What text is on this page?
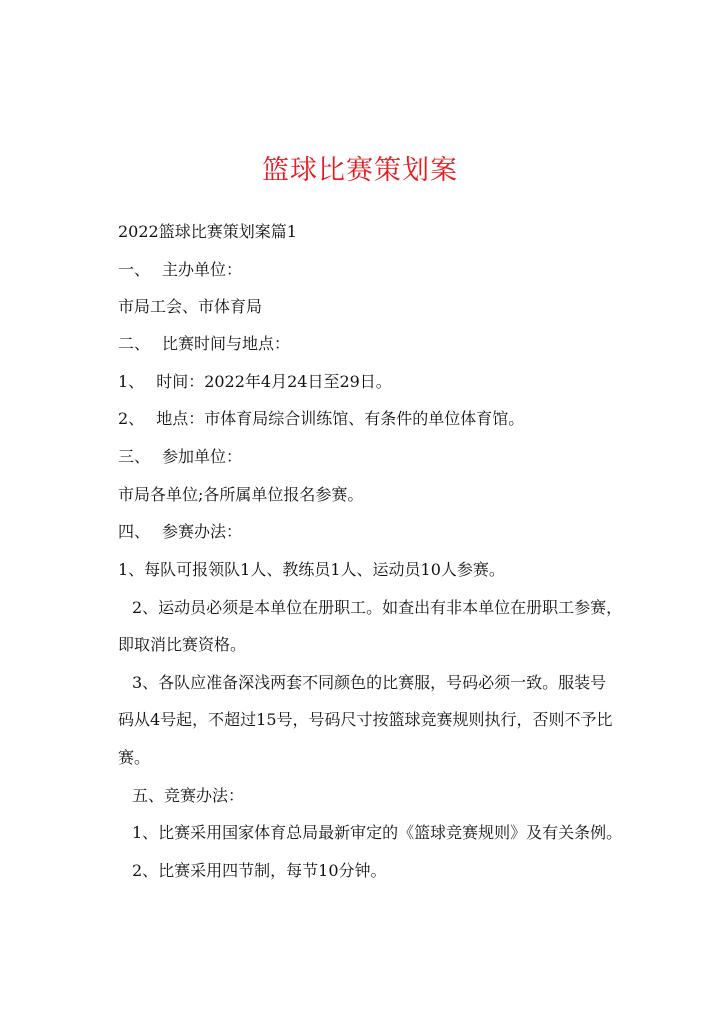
篮球比赛策划案
2022篮球比赛策划案篇1
一、 主办单位：
市局工会、市体育局
二、 比赛时间与地点：
1、 时间：2022年4月24日至29日。
2、 地点：市体育局综合训练馆、有条件的单位体育馆。
三、 参加单位：
市局各单位;各所属单位报名参赛。
四、 参赛办法：
1、每队可报领队1人、教练员1人、运动员10人参赛。
2、运动员必须是本单位在册职工。如查出有非本单位在册职工参赛，
即取消比赛资格。
3、各队应准备深浅两套不同颜色的比赛服，号码必须一致。服装号
码从4号起，不超过15号，号码尺寸按篮球竞赛规则执行，否则不予比
赛。
五、竞赛办法：
1、比赛采用国家体育总局最新审定的《篮球竞赛规则》及有关条例。
2、比赛采用四节制，每节10分钟。
